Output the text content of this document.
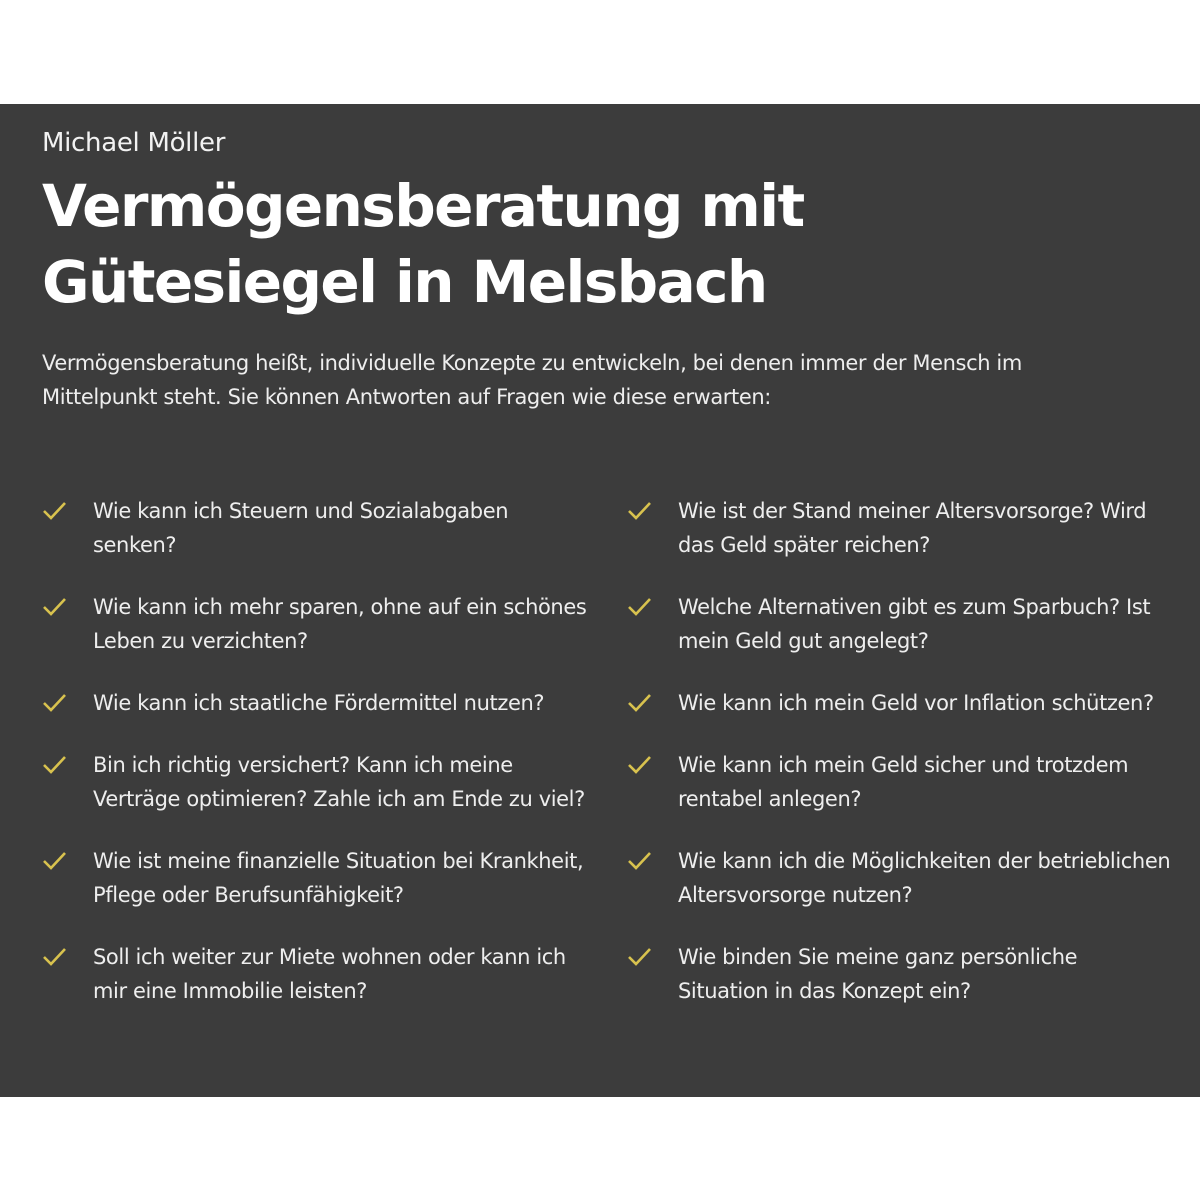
Michael Möller
Vermögensberatung mit
Gütesiegel in Melsbach

Vermögensberatung heißt, individuelle Konzepte zu entwickeln, bei denen immer der Mensch im Mittelpunkt steht. Sie können Antworten auf Fragen wie diese erwarten:

Wie kann ich Steuern und Sozialabgaben senken?
Wie kann ich mehr sparen, ohne auf ein schönes Leben zu verzichten?
Wie kann ich staatliche Fördermittel nutzen?
Bin ich richtig versichert? Kann ich meine Verträge optimieren? Zahle ich am Ende zu viel?
Wie ist meine finanzielle Situation bei Krankheit, Pflege oder Berufsunfähigkeit?
Soll ich weiter zur Miete wohnen oder kann ich mir eine Immobilie leisten?
Wie ist der Stand meiner Altersvorsorge? Wird das Geld später reichen?
Welche Alternativen gibt es zum Sparbuch? Ist mein Geld gut angelegt?
Wie kann ich mein Geld vor Inflation schützen?
Wie kann ich mein Geld sicher und trotzdem rentabel anlegen?
Wie kann ich die Möglichkeiten der betrieblichen Altersvorsorge nutzen?
Wie binden Sie meine ganz persönliche Situation in das Konzept ein?
